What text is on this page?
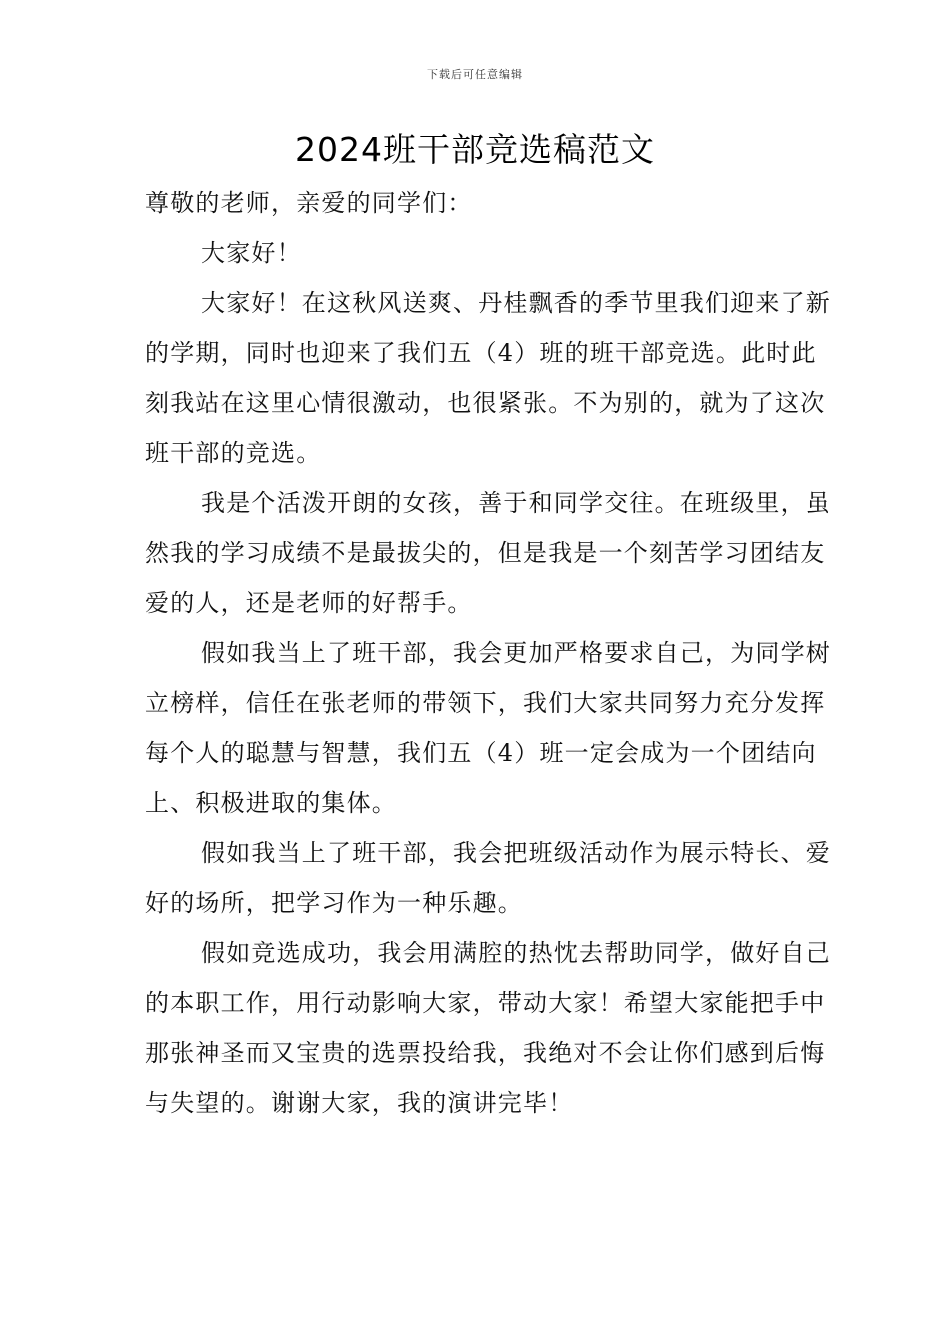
下载后可任意编辑
2024班干部竞选稿范文

尊敬的老师，亲爱的同学们：

大家好！

大家好！在这秋风送爽、丹桂飘香的季节里我们迎来了新的学期，同时也迎来了我们五（4）班的班干部竞选。此时此刻我站在这里心情很激动，也很紧张。不为别的，就为了这次班干部的竞选。

我是个活泼开朗的女孩，善于和同学交往。在班级里，虽然我的学习成绩不是最拔尖的，但是我是一个刻苦学习团结友爱的人，还是老师的好帮手。

假如我当上了班干部，我会更加严格要求自己，为同学树立榜样，信任在张老师的带领下，我们大家共同努力充分发挥每个人的聪慧与智慧，我们五（4）班一定会成为一个团结向上、积极进取的集体。

假如我当上了班干部，我会把班级活动作为展示特长、爱好的场所，把学习作为一种乐趣。

假如竞选成功，我会用满腔的热忱去帮助同学，做好自己的本职工作，用行动影响大家，带动大家！希望大家能把手中那张神圣而又宝贵的选票投给我，我绝对不会让你们感到后悔与失望的。谢谢大家，我的演讲完毕！
